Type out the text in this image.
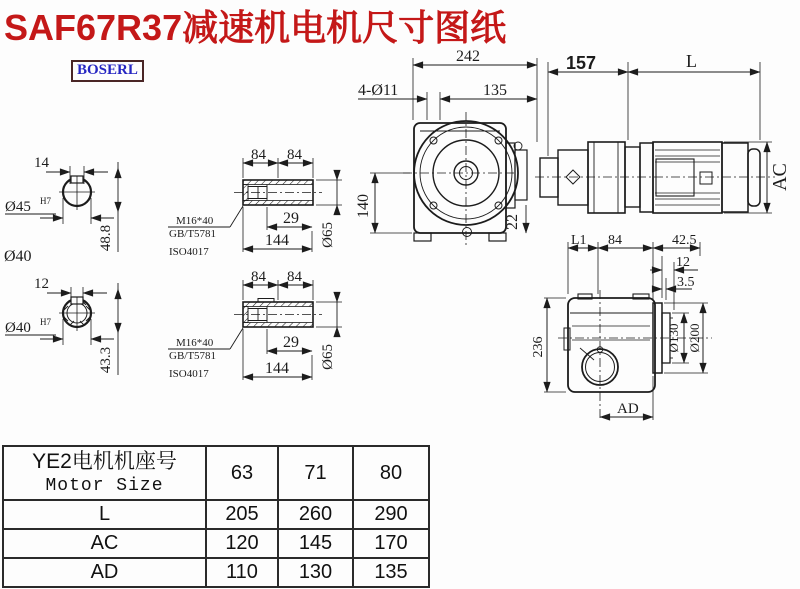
SAF67R37减速机电机尺寸图纸
BOSERL
14
Ø45 H7
48.8
Ø40
12
Ø40 H7
43.3
84 84
29
144 Ø65
M16*40
GB/T5781
ISO4017
84 84
29
144 Ø65
M16*40
GB/T5781
ISO4017
242
4-Ø11	135
140
22
157	L
AC
L1 84	42.5
12
3.5
236	Ø130 Ø200
AD
YE2电机机座号
Motor Size	63	71	80
L	205	260	290
AC	120	145	170
AD	110	130	135
